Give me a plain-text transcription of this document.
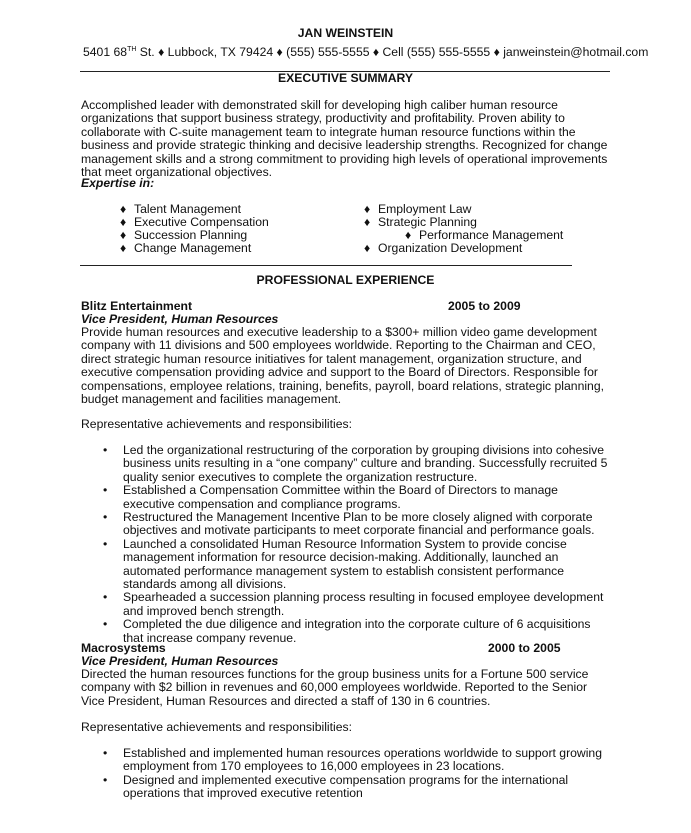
JAN WEINSTEIN
5401 68TH St. ♦ Lubbock, TX 79424 ♦ (555) 555-5555 ♦ Cell (555) 555-5555 ♦ janweinstein@hotmail.com
EXECUTIVE SUMMARY
Accomplished leader with demonstrated skill for developing high caliber human resource organizations that support business strategy, productivity and profitability. Proven ability to collaborate with C-suite management team to integrate human resource functions within the business and provide strategic thinking and decisive leadership strengths. Recognized for change management skills and a strong commitment to providing high levels of operational improvements that meet organizational objectives.
Expertise in:
♦ Talent Management
♦ Executive Compensation
♦ Succession Planning
♦ Change Management
♦ Employment Law
♦ Strategic Planning
♦ Performance Management
♦ Organization Development
PROFESSIONAL EXPERIENCE
Blitz Entertainment	2005 to 2009
Vice President, Human Resources
Provide human resources and executive leadership to a $300+ million video game development company with 11 divisions and 500 employees worldwide. Reporting to the Chairman and CEO, direct strategic human resource initiatives for talent management, organization structure, and executive compensation providing advice and support to the Board of Directors. Responsible for compensations, employee relations, training, benefits, payroll, board relations, strategic planning, budget management and facilities management.
Representative achievements and responsibilities:
• Led the organizational restructuring of the corporation by grouping divisions into cohesive business units resulting in a “one company” culture and branding. Successfully recruited 5 quality senior executives to complete the organization restructure.
• Established a Compensation Committee within the Board of Directors to manage executive compensation and compliance programs.
• Restructured the Management Incentive Plan to be more closely aligned with corporate objectives and motivate participants to meet corporate financial and performance goals.
• Launched a consolidated Human Resource Information System to provide concise management information for resource decision-making. Additionally, launched an automated performance management system to establish consistent performance standards among all divisions.
• Spearheaded a succession planning process resulting in focused employee development and improved bench strength.
• Completed the due diligence and integration into the corporate culture of 6 acquisitions that increase company revenue.
Macrosystems	2000 to 2005
Vice President, Human Resources
Directed the human resources functions for the group business units for a Fortune 500 service company with $2 billion in revenues and 60,000 employees worldwide. Reported to the Senior Vice President, Human Resources and directed a staff of 130 in 6 countries.
Representative achievements and responsibilities:
• Established and implemented human resources operations worldwide to support growing employment from 170 employees to 16,000 employees in 23 locations.
• Designed and implemented executive compensation programs for the international operations that improved executive retention
